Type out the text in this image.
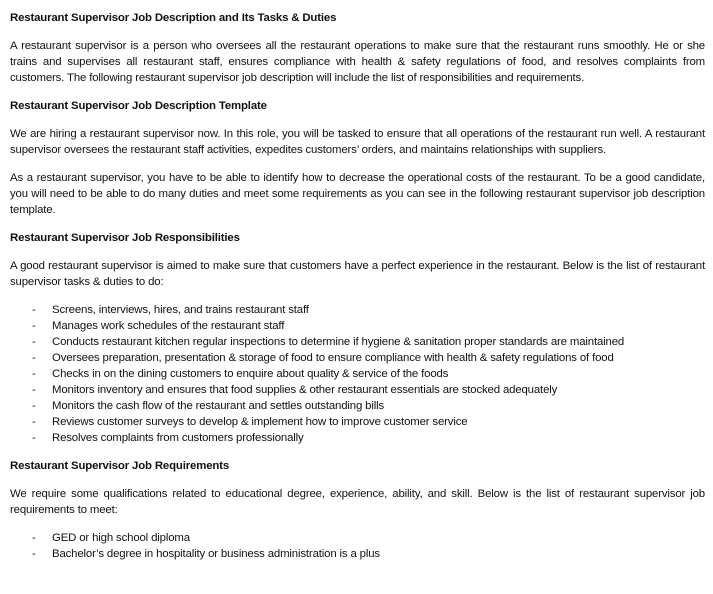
Restaurant Supervisor Job Description and Its Tasks & Duties

A restaurant supervisor is a person who oversees all the restaurant operations to make sure that the restaurant runs smoothly. He or she trains and supervises all restaurant staff, ensures compliance with health & safety regulations of food, and resolves complaints from customers. The following restaurant supervisor job description will include the list of responsibilities and requirements.

Restaurant Supervisor Job Description Template

We are hiring a restaurant supervisor now. In this role, you will be tasked to ensure that all operations of the restaurant run well. A restaurant supervisor oversees the restaurant staff activities, expedites customers’ orders, and maintains relationships with suppliers.

As a restaurant supervisor, you have to be able to identify how to decrease the operational costs of the restaurant. To be a good candidate, you will need to be able to do many duties and meet some requirements as you can see in the following restaurant supervisor job description template.

Restaurant Supervisor Job Responsibilities

A good restaurant supervisor is aimed to make sure that customers have a perfect experience in the restaurant. Below is the list of restaurant supervisor tasks & duties to do:

- Screens, interviews, hires, and trains restaurant staff
- Manages work schedules of the restaurant staff
- Conducts restaurant kitchen regular inspections to determine if hygiene & sanitation proper standards are maintained
- Oversees preparation, presentation & storage of food to ensure compliance with health & safety regulations of food
- Checks in on the dining customers to enquire about quality & service of the foods
- Monitors inventory and ensures that food supplies & other restaurant essentials are stocked adequately
- Monitors the cash flow of the restaurant and settles outstanding bills
- Reviews customer surveys to develop & implement how to improve customer service
- Resolves complaints from customers professionally
Restaurant Supervisor Job Requirements

We require some qualifications related to educational degree, experience, ability, and skill. Below is the list of restaurant supervisor job requirements to meet:

- GED or high school diploma
- Bachelor’s degree in hospitality or business administration is a plus
